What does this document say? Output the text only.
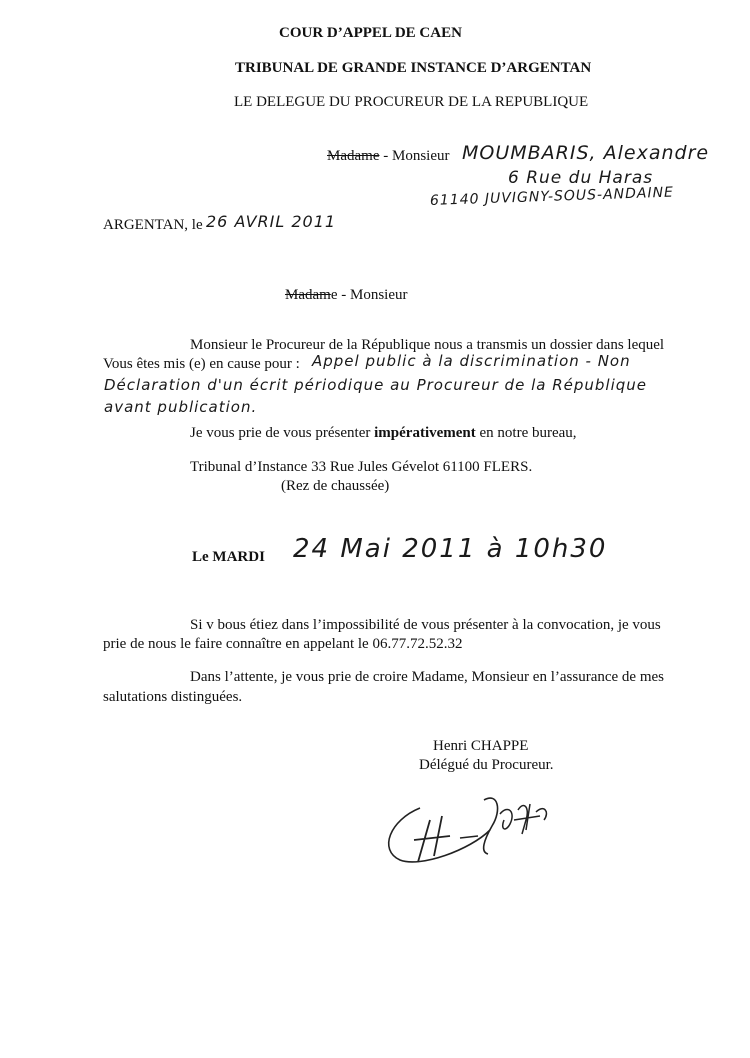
COUR D’APPEL DE CAEN
TRIBUNAL DE GRANDE INSTANCE D’ARGENTAN
LE DELEGUE DU PROCUREUR DE LA REPUBLIQUE
Madame - Monsieur MOUMBARIS, Alexandre
6 Rue du Haras
61140 JUVIGNY-SOUS-ANDAINE
ARGENTAN, le 26 AVRIL 2011
Madame - Monsieur
Monsieur le Procureur de la République nous a transmis un dossier dans lequel
Vous êtes mis (e) en cause pour : Appel public à la discrimination - Non
Déclaration d'un écrit périodique au Procureur de la République
avant publication.
Je vous prie de vous présenter impérativement en notre bureau,
Tribunal d’Instance 33 Rue Jules Gévelot 61100 FLERS.
(Rez de chaussée)
Le MARDI 24 Mai 2011 à 10h30
Si v bous étiez dans l’impossibilité de vous présenter à la convocation, je vous
prie de nous le faire connaître en appelant le 06.77.72.52.32
Dans l’attente, je vous prie de croire Madame, Monsieur en l’assurance de mes
salutations distinguées.
Henri CHAPPE
Délégué du Procureur.
